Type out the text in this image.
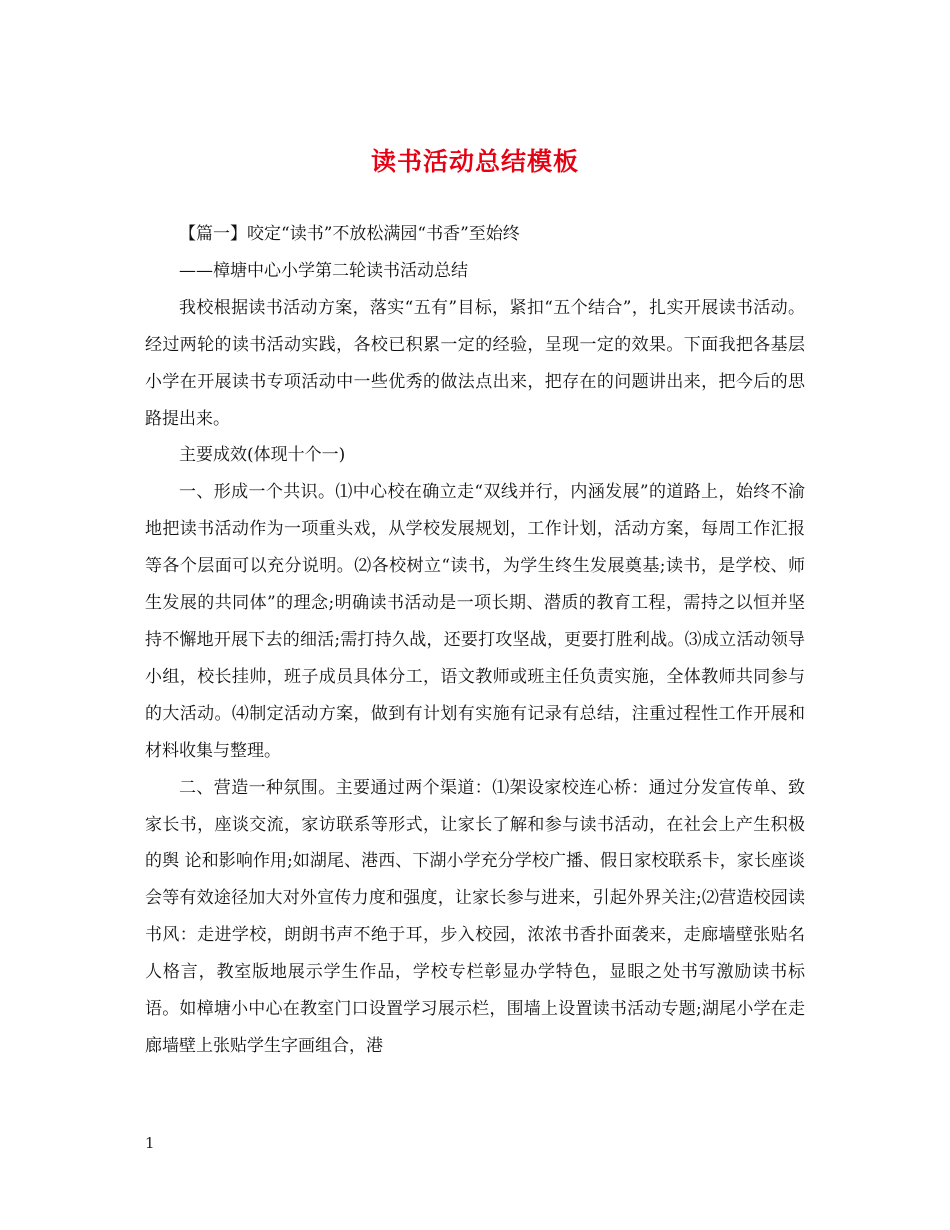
读书活动总结模板

【篇一】咬定“读书”不放松满园“书香”至始终

——樟塘中心小学第二轮读书活动总结

我校根据读书活动方案，落实“五有”目标，紧扣“五个结合”，扎实开展读书活动。经过两轮的读书活动实践，各校已积累一定的经验，呈现一定的效果。下面我把各基层小学在开展读书专项活动中一些优秀的做法点出来，把存在的问题讲出来，把今后的思路提出来。

主要成效(体现十个一)

一、形成一个共识。⑴中心校在确立走“双线并行，内涵发展”的道路上，始终不渝地把读书活动作为一项重头戏，从学校发展规划，工作计划，活动方案，每周工作汇报等各个层面可以充分说明。⑵各校树立“读书，为学生终生发展奠基;读书，是学校、师生发展的共同体”的理念;明确读书活动是一项长期、潜质的教育工程，需持之以恒并坚持不懈地开展下去的细活;需打持久战，还要打攻坚战，更要打胜利战。⑶成立活动领导小组，校长挂帅，班子成员具体分工，语文教师或班主任负责实施，全体教师共同参与的大活动。⑷制定活动方案，做到有计划有实施有记录有总结，注重过程性工作开展和材料收集与整理。

二、营造一种氛围。主要通过两个渠道：⑴架设家校连心桥：通过分发宣传单、致家长书，座谈交流，家访联系等形式，让家长了解和参与读书活动，在社会上产生积极的舆 论和影响作用;如湖尾、港西、下湖小学充分学校广播、假日家校联系卡，家长座谈会等有效途径加大对外宣传力度和强度，让家长参与进来，引起外界关注;⑵营造校园读书风：走进学校，朗朗书声不绝于耳，步入校园，浓浓书香扑面袭来，走廊墙壁张贴名人格言，教室版地展示学生作品，学校专栏彰显办学特色，显眼之处书写激励读书标语。如樟塘小中心在教室门口设置学习展示栏，围墙上设置读书活动专题;湖尾小学在走廊墙壁上张贴学生字画组合，港

1
